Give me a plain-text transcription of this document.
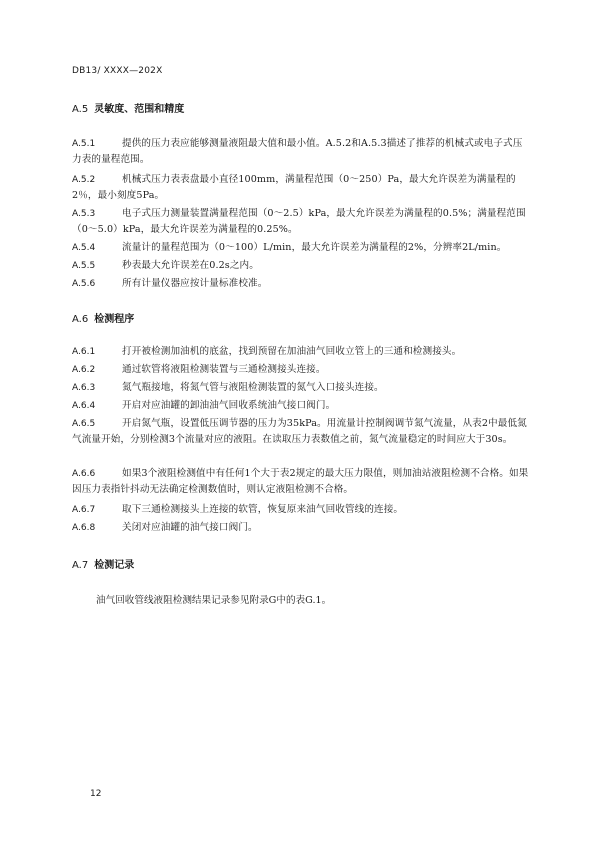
DB13/ XXXX—202X
A.5 灵敏度、范围和精度
A.5.1	提供的压力表应能够测量液阻最大值和最小值。A.5.2和A.5.3描述了推荐的机械式或电子式压力表的量程范围。
A.5.2	机械式压力表表盘最小直径100mm，满量程范围（0～250）Pa，最大允许误差为满量程的2％，最小刻度5Pa。
A.5.3	电子式压力测量装置满量程范围（0～2.5）kPa，最大允许误差为满量程的0.5%；满量程范围（0～5.0）kPa，最大允许误差为满量程的0.25%。
A.5.4	流量计的量程范围为（0～100）L/min，最大允许误差为满量程的2%，分辨率2L/min。
A.5.5	秒表最大允许误差在0.2s之内。
A.5.6	所有计量仪器应按计量标准校准。
A.6 检测程序
A.6.1	打开被检测加油机的底盆，找到预留在加油油气回收立管上的三通和检测接头。
A.6.2	通过软管将液阻检测装置与三通检测接头连接。
A.6.3	氮气瓶接地，将氮气管与液阻检测装置的氮气入口接头连接。
A.6.4	开启对应油罐的卸油油气回收系统油气接口阀门。
A.6.5	开启氮气瓶，设置低压调节器的压力为35kPa。用流量计控制阀调节氮气流量，从表2中最低氮气流量开始，分别检测3个流量对应的液阻。在读取压力表数值之前，氮气流量稳定的时间应大于30s。
A.6.6	如果3个液阻检测值中有任何1个大于表2规定的最大压力限值，则加油站液阻检测不合格。如果因压力表指针抖动无法确定检测数值时，则认定液阻检测不合格。
A.6.7	取下三通检测接头上连接的软管，恢复原来油气回收管线的连接。
A.6.8	关闭对应油罐的油气接口阀门。
A.7 检测记录
油气回收管线液阻检测结果记录参见附录G中的表G.1。
12
